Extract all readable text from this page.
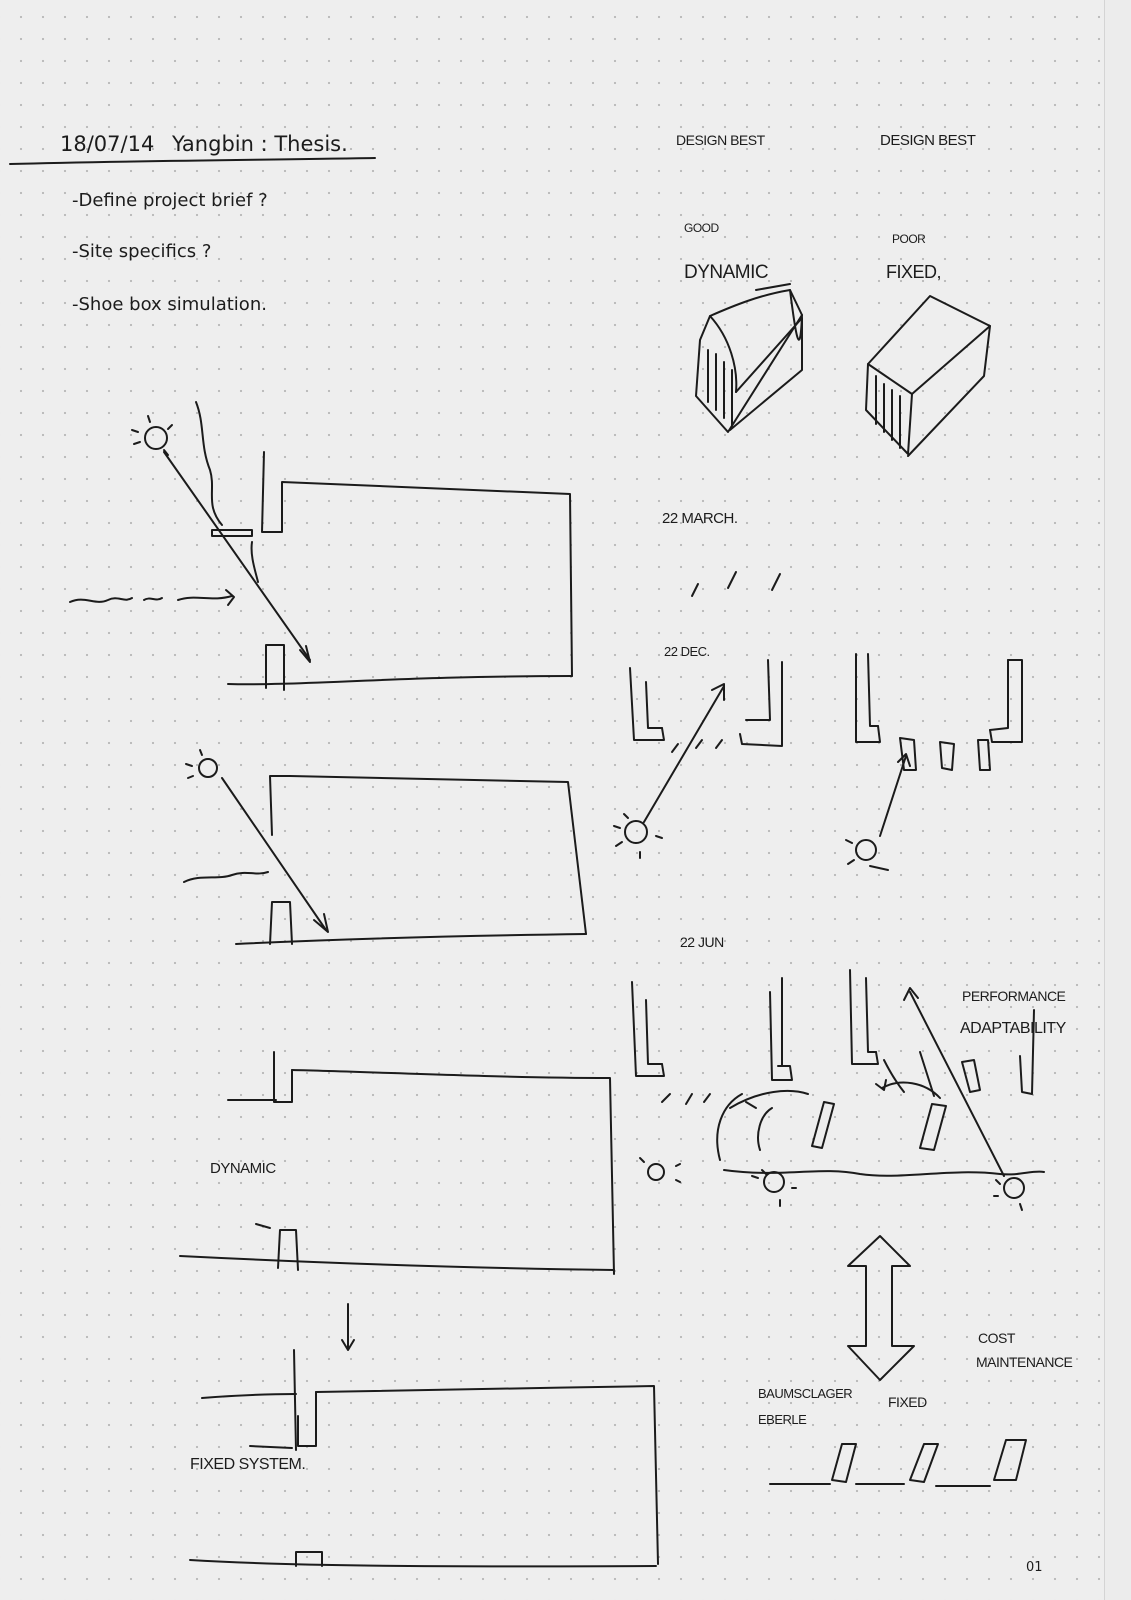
18/07/14 Yangbin : Thesis.

-Define project brief ?

-Site specifics ?

-Shoe box simulation.

DESIGN BEST	DESIGN BEST

GOOD

DYNAMIC

POOR

FIXED,

22 MARCH.

22 DEC.

22 JUN

DYNAMIC

FIXED SYSTEM.

PERFORMANCE

ADAPTABILITY

COST

MAINTENANCE

BAUMSCLAGER

EBERLE

FIXED

01
